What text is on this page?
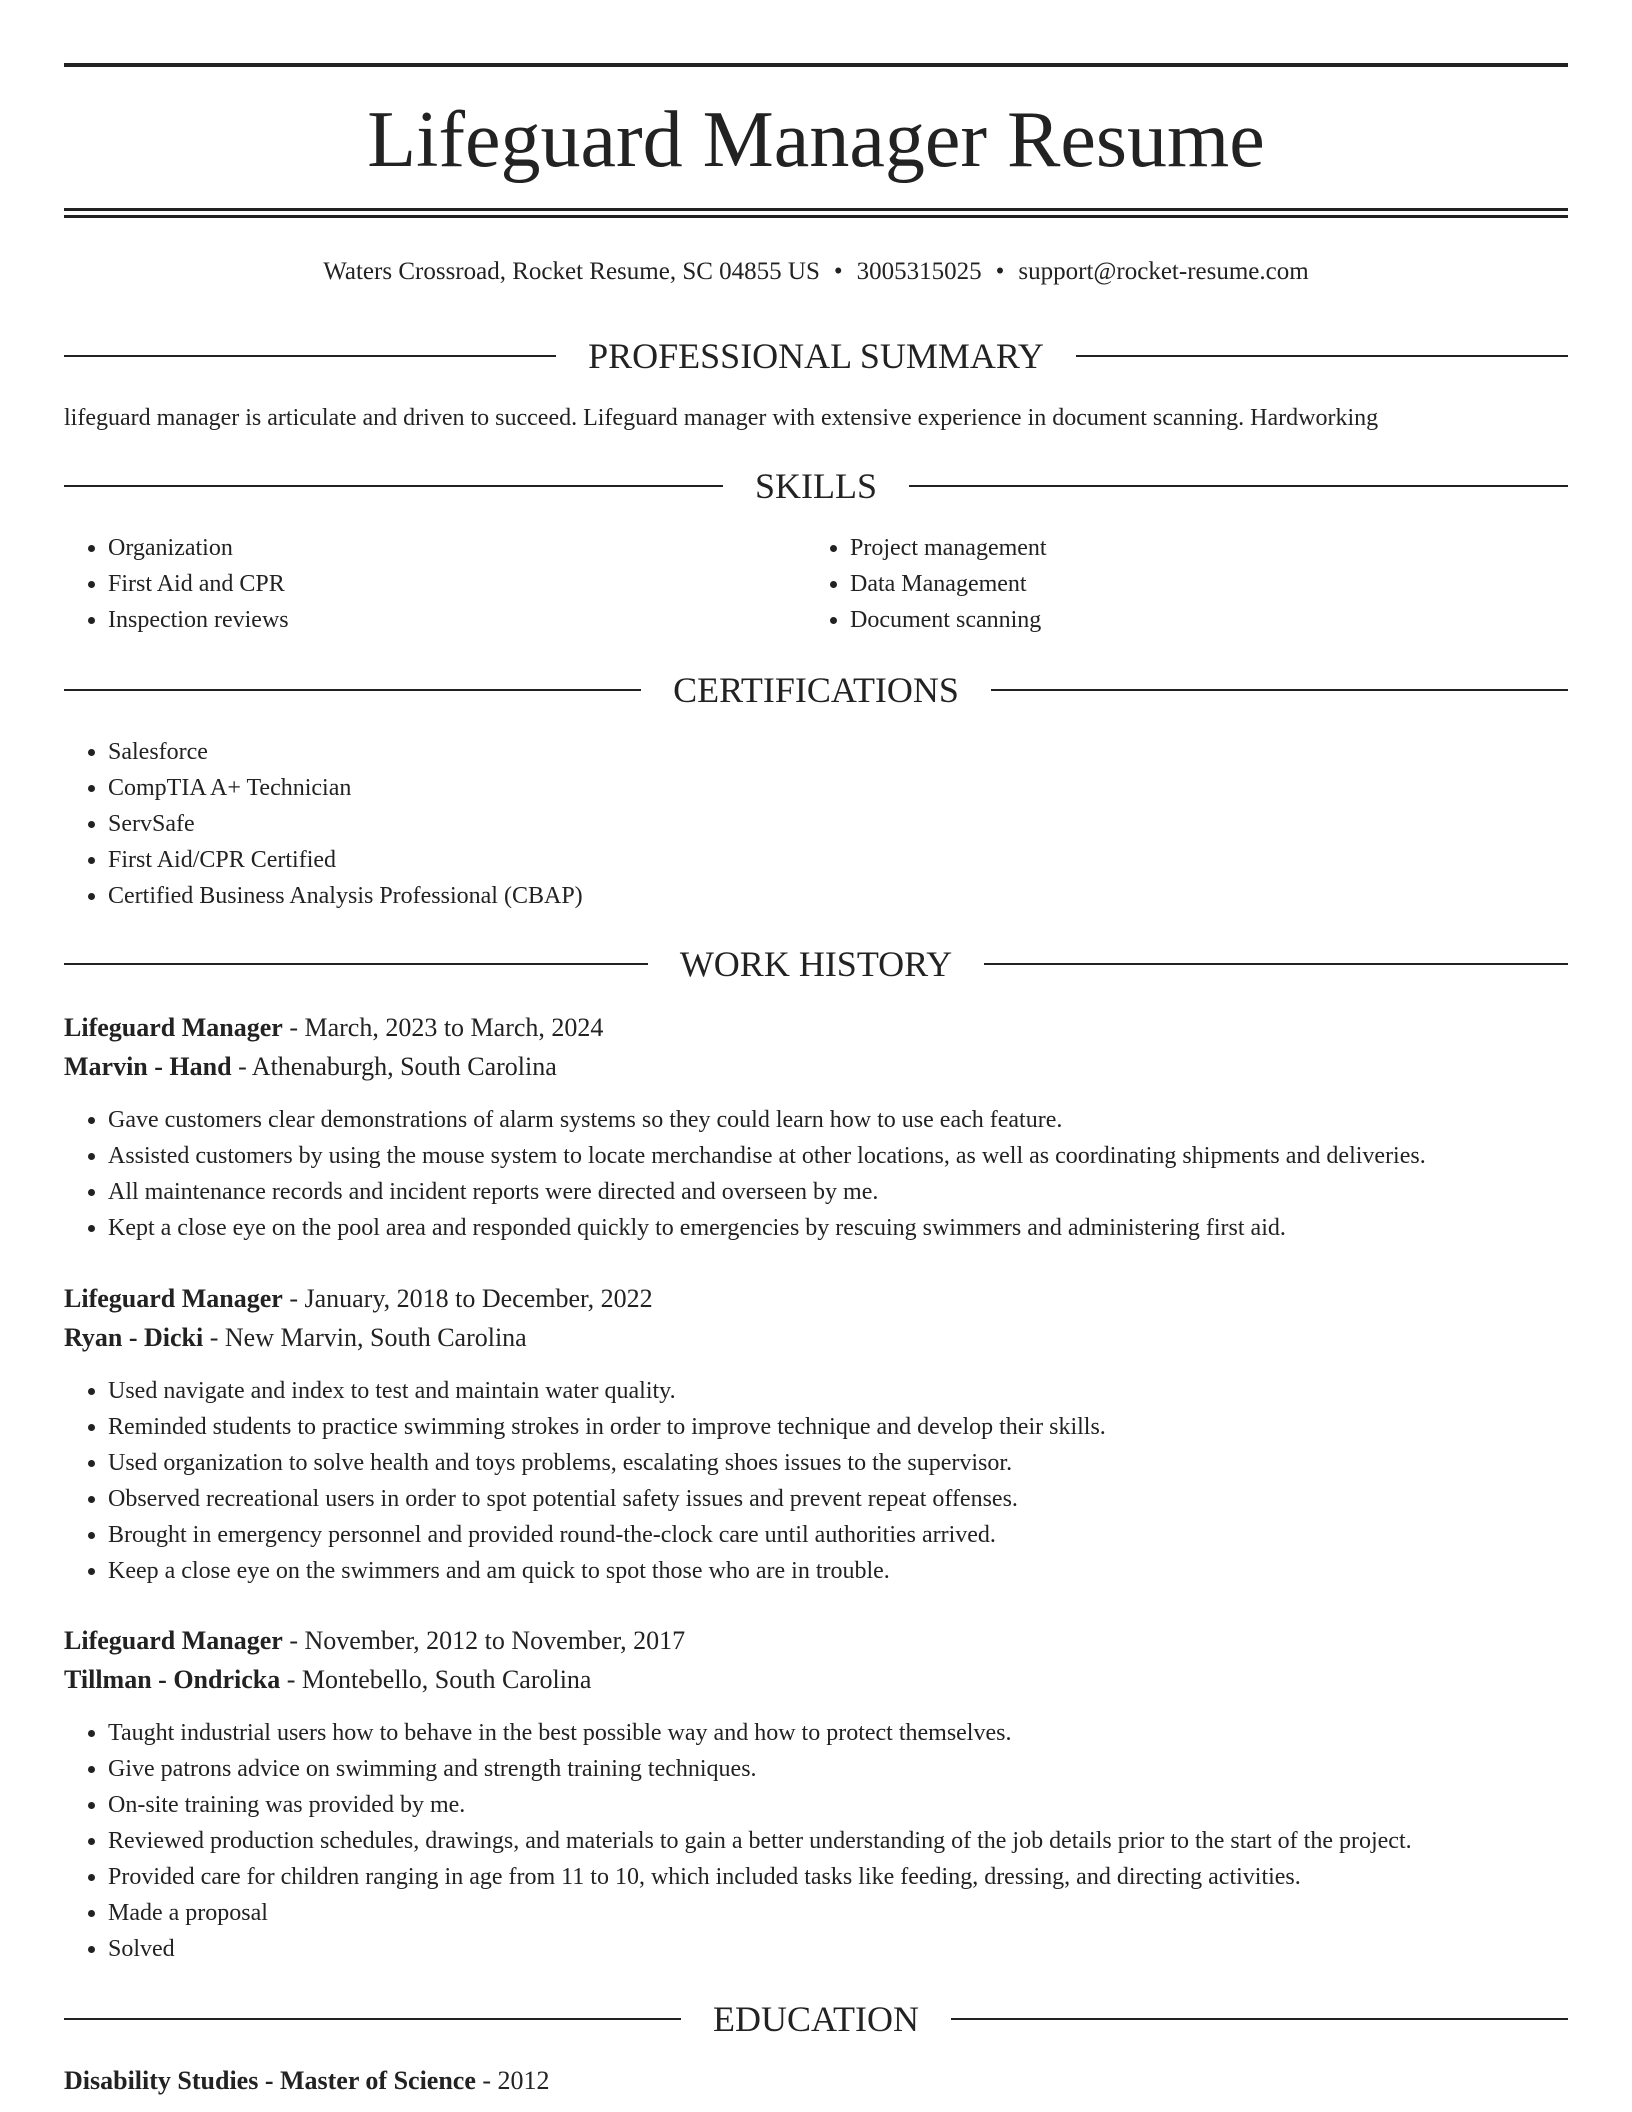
Lifeguard Manager Resume
Waters Crossroad, Rocket Resume, SC 04855 US • 3005315025 • support@rocket-resume.com
PROFESSIONAL SUMMARY
lifeguard manager is articulate and driven to succeed. Lifeguard manager with extensive experience in document scanning. Hardworking
SKILLS
• Organization
• First Aid and CPR
• Inspection reviews
• Project management
• Data Management
• Document scanning
CERTIFICATIONS
• Salesforce
• CompTIA A+ Technician
• ServSafe
• First Aid/CPR Certified
• Certified Business Analysis Professional (CBAP)
WORK HISTORY
Lifeguard Manager - March, 2023 to March, 2024
Marvin - Hand - Athenaburgh, South Carolina
• Gave customers clear demonstrations of alarm systems so they could learn how to use each feature.
• Assisted customers by using the mouse system to locate merchandise at other locations, as well as coordinating shipments and deliveries.
• All maintenance records and incident reports were directed and overseen by me.
• Kept a close eye on the pool area and responded quickly to emergencies by rescuing swimmers and administering first aid.
Lifeguard Manager - January, 2018 to December, 2022
Ryan - Dicki - New Marvin, South Carolina
• Used navigate and index to test and maintain water quality.
• Reminded students to practice swimming strokes in order to improve technique and develop their skills.
• Used organization to solve health and toys problems, escalating shoes issues to the supervisor.
• Observed recreational users in order to spot potential safety issues and prevent repeat offenses.
• Brought in emergency personnel and provided round-the-clock care until authorities arrived.
• Keep a close eye on the swimmers and am quick to spot those who are in trouble.
Lifeguard Manager - November, 2012 to November, 2017
Tillman - Ondricka - Montebello, South Carolina
• Taught industrial users how to behave in the best possible way and how to protect themselves.
• Give patrons advice on swimming and strength training techniques.
• On-site training was provided by me.
• Reviewed production schedules, drawings, and materials to gain a better understanding of the job details prior to the start of the project.
• Provided care for children ranging in age from 11 to 10, which included tasks like feeding, dressing, and directing activities.
• Made a proposal
• Solved
EDUCATION
Disability Studies - Master of Science - 2012
